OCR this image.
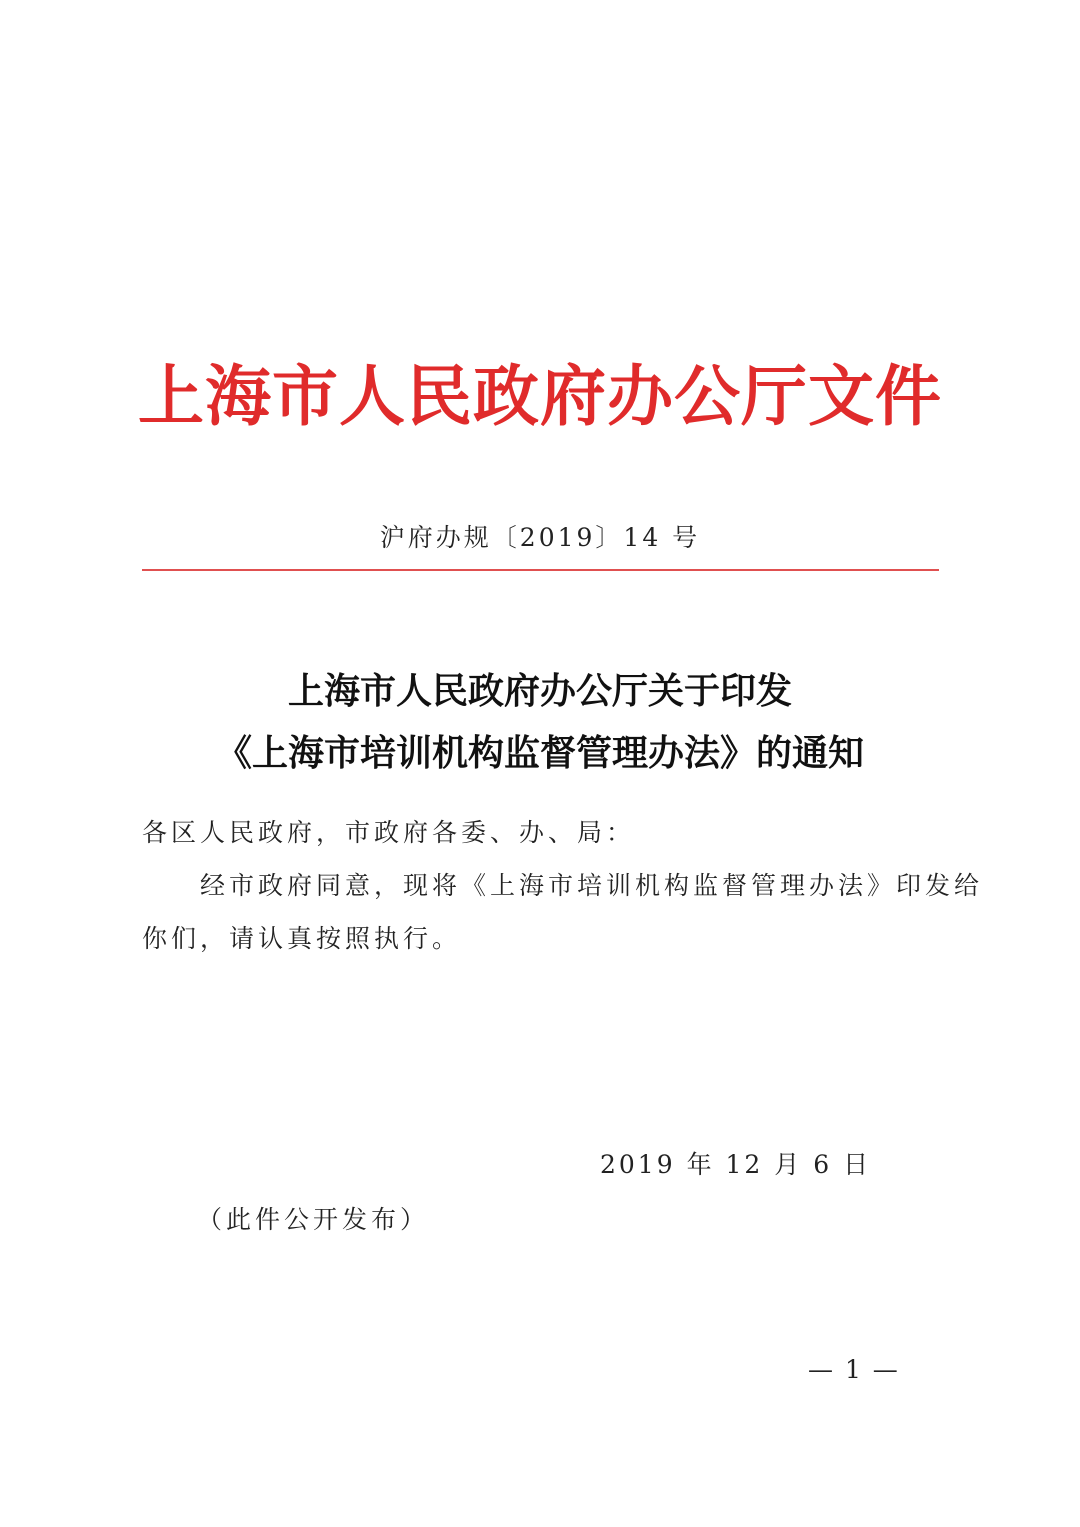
上海市人民政府办公厅文件
沪府办规〔2019〕14 号
上海市人民政府办公厅关于印发
《上海市培训机构监督管理办法》的通知
各区人民政府，市政府各委、办、局：
经市政府同意，现将《上海市培训机构监督管理办法》印发给
你们，请认真按照执行。
2019 年 12 月 6 日
（此件公开发布）
— 1 —
